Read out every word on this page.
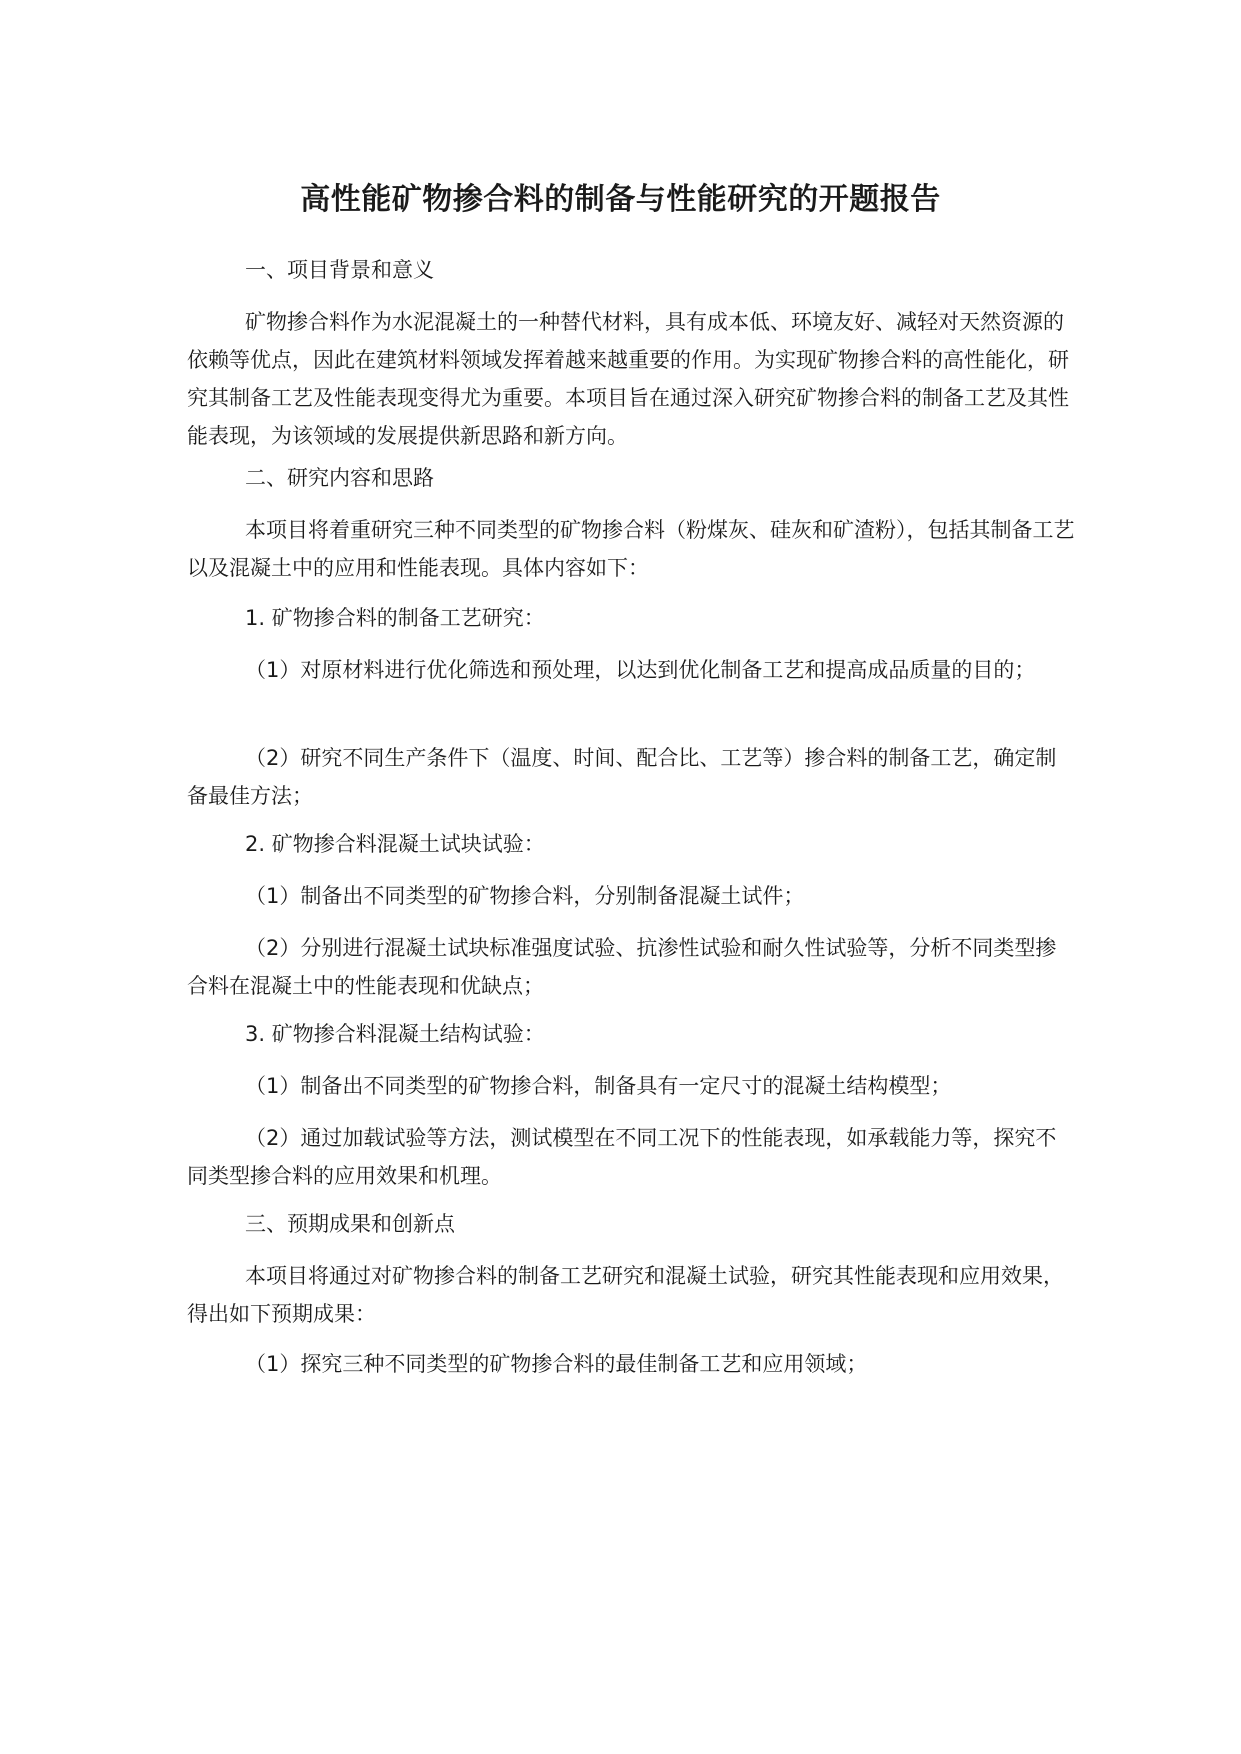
高性能矿物掺合料的制备与性能研究的开题报告

一、项目背景和意义

矿物掺合料作为水泥混凝土的一种替代材料，具有成本低、环境友好、减轻对天然资源的依赖等优点，因此在建筑材料领域发挥着越来越重要的作用。为实现矿物掺合料的高性能化，研究其制备工艺及性能表现变得尤为重要。本项目旨在通过深入研究矿物掺合料的制备工艺及其性能表现，为该领域的发展提供新思路和新方向。

二、研究内容和思路

本项目将着重研究三种不同类型的矿物掺合料（粉煤灰、硅灰和矿渣粉），包括其制备工艺以及混凝土中的应用和性能表现。具体内容如下：

1. 矿物掺合料的制备工艺研究：

（1）对原材料进行优化筛选和预处理，以达到优化制备工艺和提高成品质量的目的；

（2）研究不同生产条件下（温度、时间、配合比、工艺等）掺合料的制备工艺，确定制备最佳方法；

2. 矿物掺合料混凝土试块试验：

（1）制备出不同类型的矿物掺合料，分别制备混凝土试件；

（2）分别进行混凝土试块标准强度试验、抗渗性试验和耐久性试验等，分析不同类型掺合料在混凝土中的性能表现和优缺点；

3. 矿物掺合料混凝土结构试验：

（1）制备出不同类型的矿物掺合料，制备具有一定尺寸的混凝土结构模型；

（2）通过加载试验等方法，测试模型在不同工况下的性能表现，如承载能力等，探究不同类型掺合料的应用效果和机理。

三、预期成果和创新点

本项目将通过对矿物掺合料的制备工艺研究和混凝土试验，研究其性能表现和应用效果，得出如下预期成果：

（1）探究三种不同类型的矿物掺合料的最佳制备工艺和应用领域；
